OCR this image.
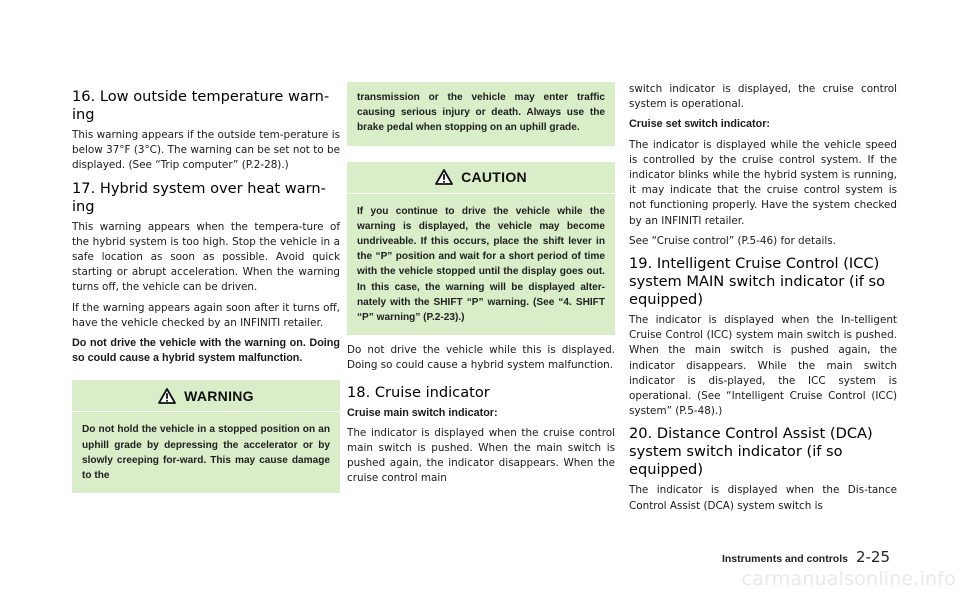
16. Low outside temperature warn-ing

This warning appears if the outside tem-perature is below 37°F (3°C). The warning can be set not to be displayed. (See “Trip computer” (P.2-28).)

17. Hybrid system over heat warn-ing

This warning appears when the tempera-ture of the hybrid system is too high. Stop the vehicle in a safe location as soon as possible. Avoid quick starting or abrupt acceleration. When the warning turns off, the vehicle can be driven.

If the warning appears again soon after it turns off, have the vehicle checked by an INFINITI retailer.

Do not drive the vehicle with the warning on. Doing so could cause a hybrid system malfunction.

WARNING

Do not hold the vehicle in a stopped position on an uphill grade by depressing the accelerator or by slowly creeping for-ward. This may cause damage to the

transmission or the vehicle may enter traffic causing serious injury or death. Always use the brake pedal when stopping on an uphill grade.

CAUTION

If you continue to drive the vehicle while the warning is displayed, the vehicle may become undriveable. If this occurs, place the shift lever in the “P” position and wait for a short period of time with the vehicle stopped until the display goes out. In this case, the warning will be displayed alter-nately with the SHIFT “P” warning. (See “4. SHIFT “P” warning” (P.2-23).)

Do not drive the vehicle while this is displayed. Doing so could cause a hybrid system malfunction.

18. Cruise indicator

Cruise main switch indicator:

The indicator is displayed when the cruise control main switch is pushed. When the main switch is pushed again, the indicator disappears. When the cruise control main

switch indicator is displayed, the cruise control system is operational.

Cruise set switch indicator:

The indicator is displayed while the vehicle speed is controlled by the cruise control system. If the indicator blinks while the hybrid system is running, it may indicate that the cruise control system is not functioning properly. Have the system checked by an INFINITI retailer.

See “Cruise control” (P.5-46) for details.

19. Intelligent Cruise Control (ICC) system MAIN switch indicator (if so equipped)

The indicator is displayed when the In-telligent Cruise Control (ICC) system main switch is pushed. When the main switch is pushed again, the indicator disappears. While the main switch indicator is dis-played, the ICC system is operational. (See “Intelligent Cruise Control (ICC) system” (P.5-48).)

20. Distance Control Assist (DCA) system switch indicator (if so equipped)

The indicator is displayed when the Dis-tance Control Assist (DCA) system switch is

Instruments and controls 2-25
carmanualsonline.info
